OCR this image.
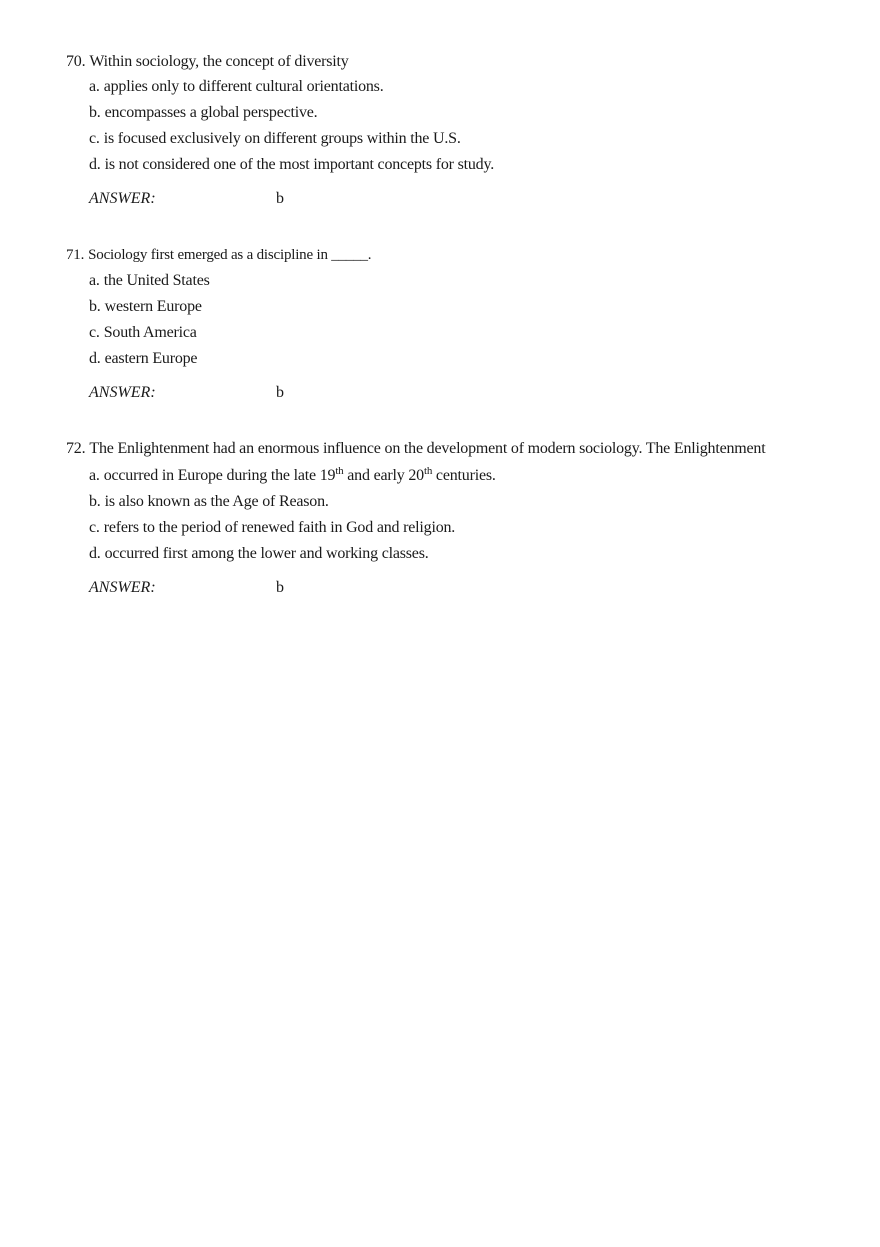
70. Within sociology, the concept of diversity
a. applies only to different cultural orientations.
b. encompasses a global perspective.
c. is focused exclusively on different groups within the U.S.
d. is not considered one of the most important concepts for study.
ANSWER:	b
71. Sociology first emerged as a discipline in _____.
a. the United States
b. western Europe
c. South America
d. eastern Europe
ANSWER:	b
72. The Enlightenment had an enormous influence on the development of modern sociology. The Enlightenment
a. occurred in Europe during the late 19th and early 20th centuries.
b. is also known as the Age of Reason.
c. refers to the period of renewed faith in God and religion.
d. occurred first among the lower and working classes.
ANSWER:	b
